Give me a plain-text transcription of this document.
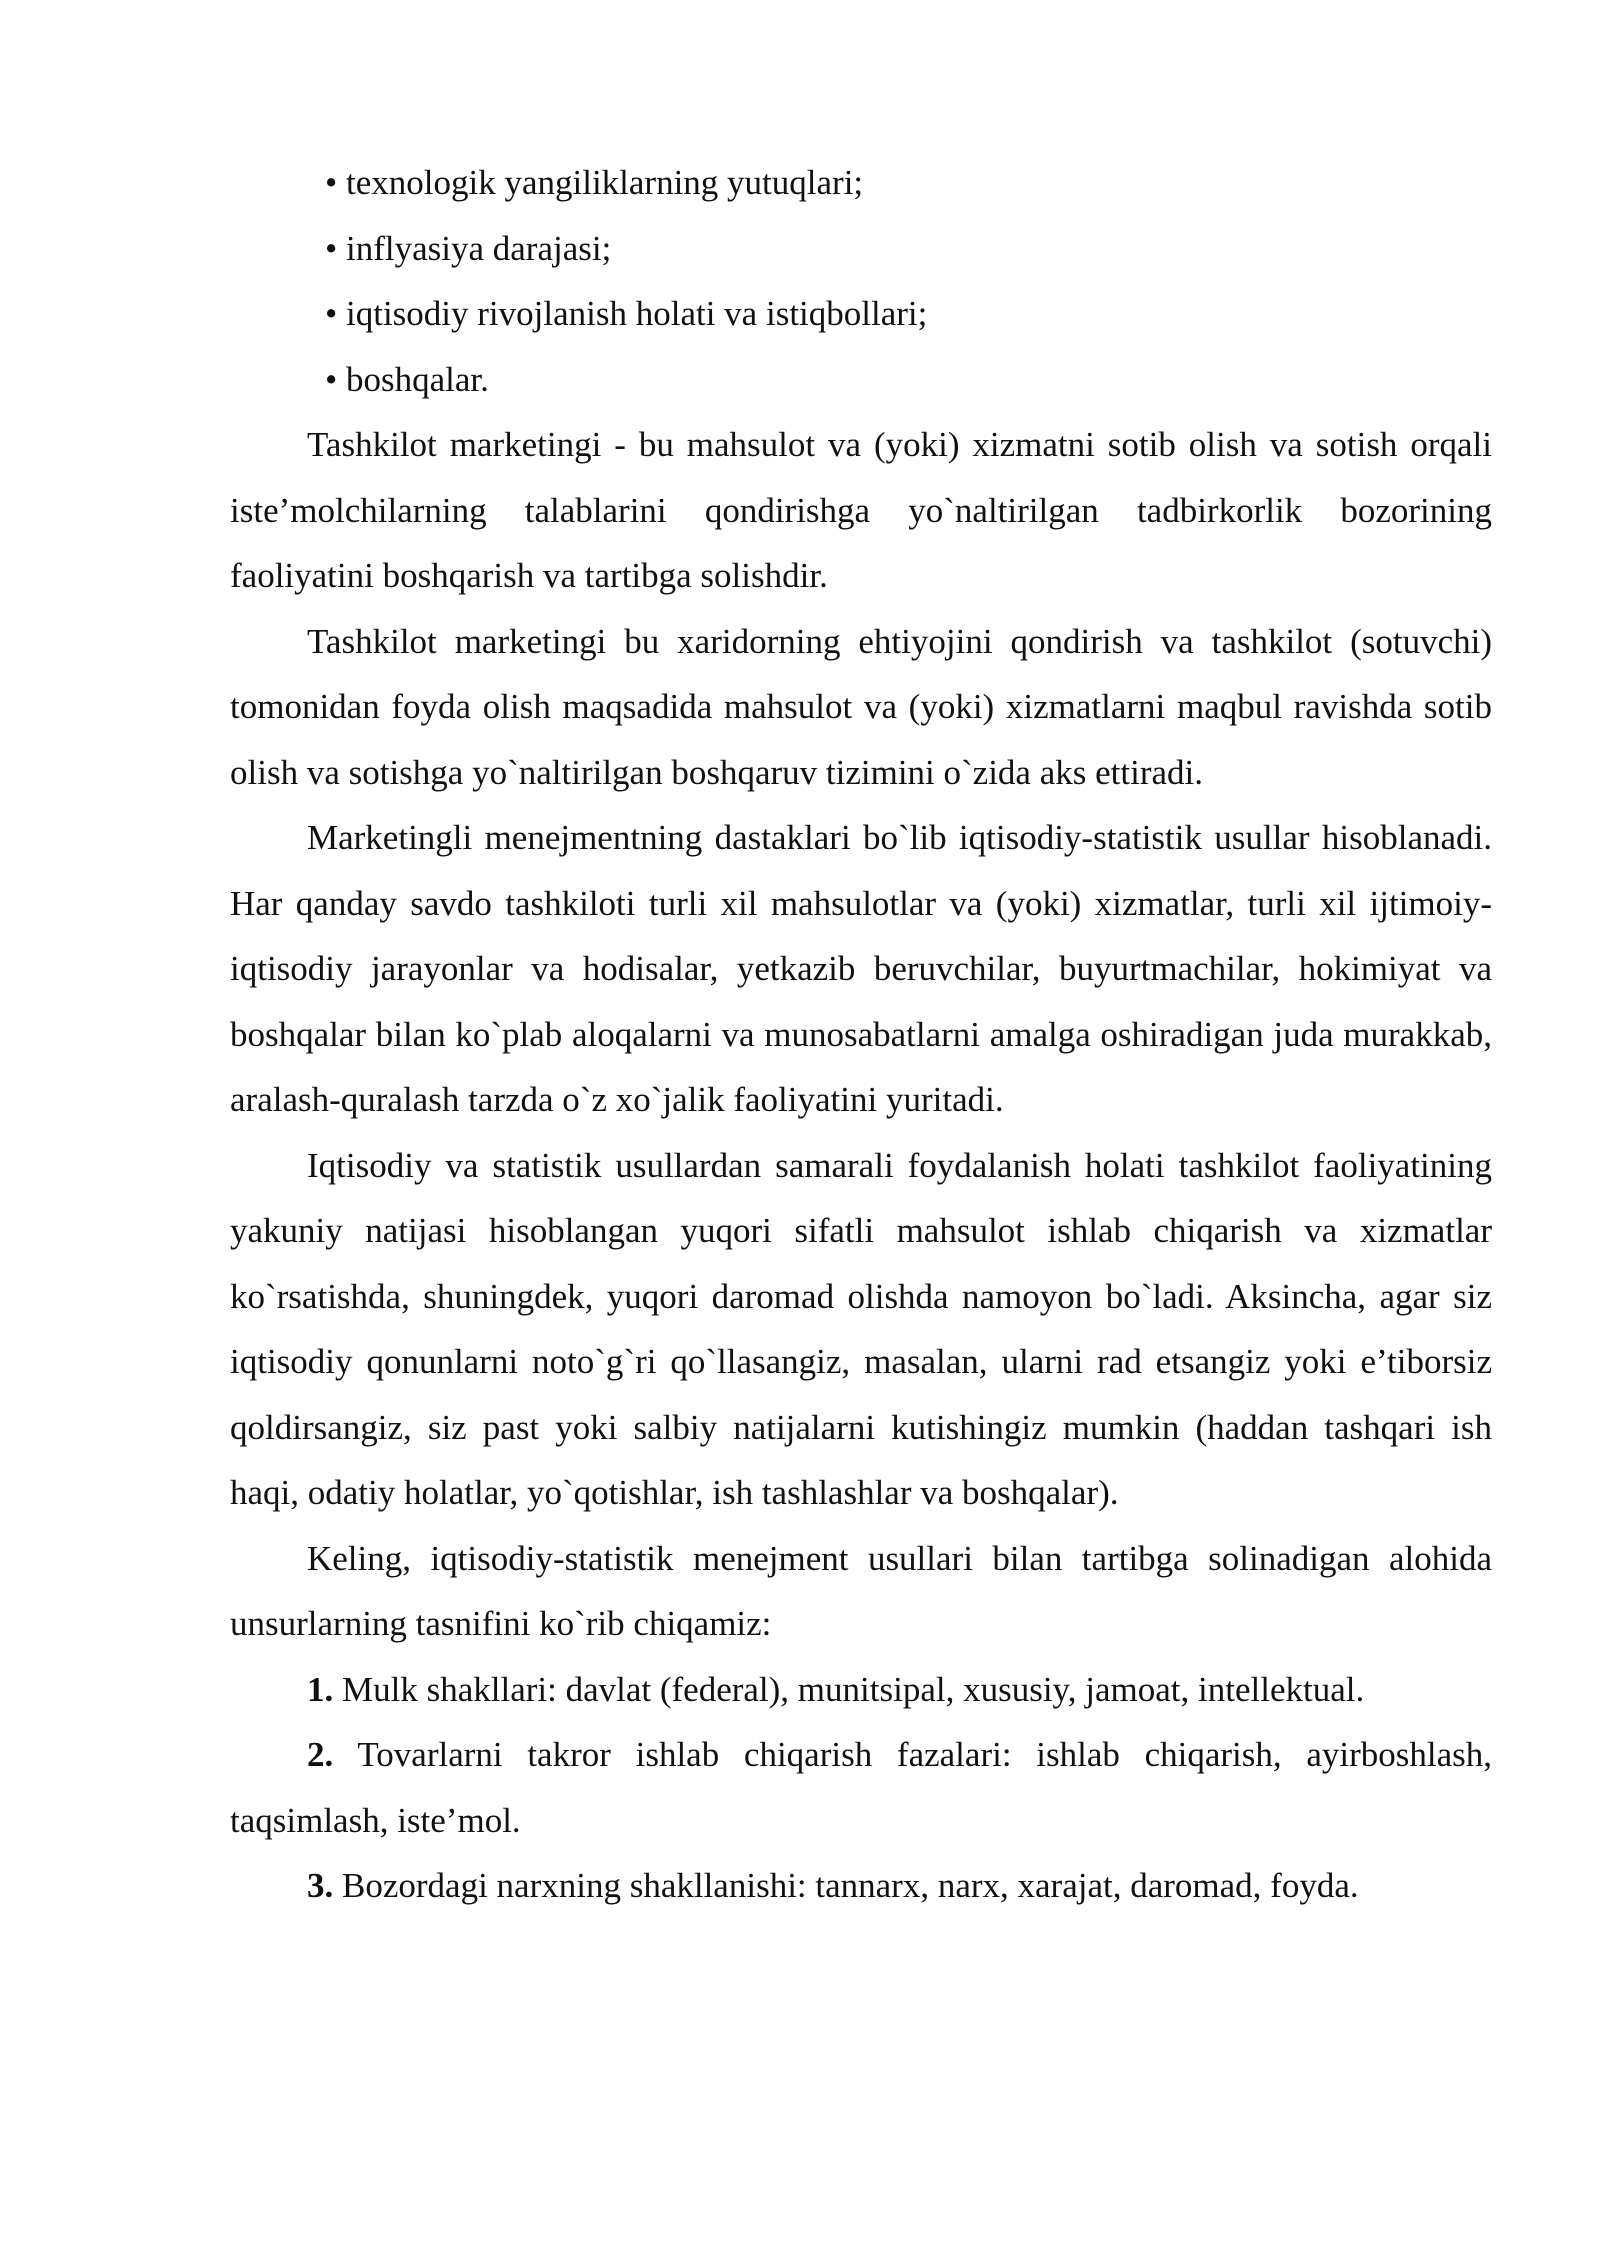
• texnologik yangiliklarning yutuqlari;

• inflyasiya darajasi;

• iqtisodiy rivojlanish holati va istiqbollari;

• boshqalar.

Tashkilot marketingi - bu mahsulot va (yoki) xizmatni sotib olish va sotish orqali iste’molchilarning talablarini qondirishga yo`naltirilgan tadbirkorlik bozorining faoliyatini boshqarish va tartibga solishdir.

Tashkilot marketingi bu xaridorning ehtiyojini qondirish va tashkilot (sotuvchi) tomonidan foyda olish maqsadida mahsulot va (yoki) xizmatlarni maqbul ravishda sotib olish va sotishga yo`naltirilgan boshqaruv tizimini o`zida aks ettiradi.

Marketingli menejmentning dastaklari bo`lib iqtisodiy-statistik usullar hisoblanadi. Har qanday savdo tashkiloti turli xil mahsulotlar va (yoki) xizmatlar, turli xil ijtimoiy-iqtisodiy jarayonlar va hodisalar, yetkazib beruvchilar, buyurtmachilar, hokimiyat va boshqalar bilan ko`plab aloqalarni va munosabatlarni amalga oshiradigan juda murakkab, aralash-quralash tarzda o`z xo`jalik faoliyatini yuritadi.

Iqtisodiy va statistik usullardan samarali foydalanish holati tashkilot faoliyatining yakuniy natijasi hisoblangan yuqori sifatli mahsulot ishlab chiqarish va xizmatlar ko`rsatishda, shuningdek, yuqori daromad olishda namoyon bo`ladi. Aksincha, agar siz iqtisodiy qonunlarni noto`g`ri qo`llasangiz, masalan, ularni rad etsangiz yoki e’tiborsiz qoldirsangiz, siz past yoki salbiy natijalarni kutishingiz mumkin (haddan tashqari ish haqi, odatiy holatlar, yo`qotishlar, ish tashlashlar va boshqalar).

Keling, iqtisodiy-statistik menejment usullari bilan tartibga solinadigan alohida unsurlarning tasnifini ko`rib chiqamiz:

1. Mulk shakllari: davlat (federal), munitsipal, xususiy, jamoat, intellektual.

2. Tovarlarni takror ishlab chiqarish fazalari: ishlab chiqarish, ayirboshlash, taqsimlash, iste’mol.

3. Bozordagi narxning shakllanishi: tannarx, narx, xarajat, daromad, foyda.
